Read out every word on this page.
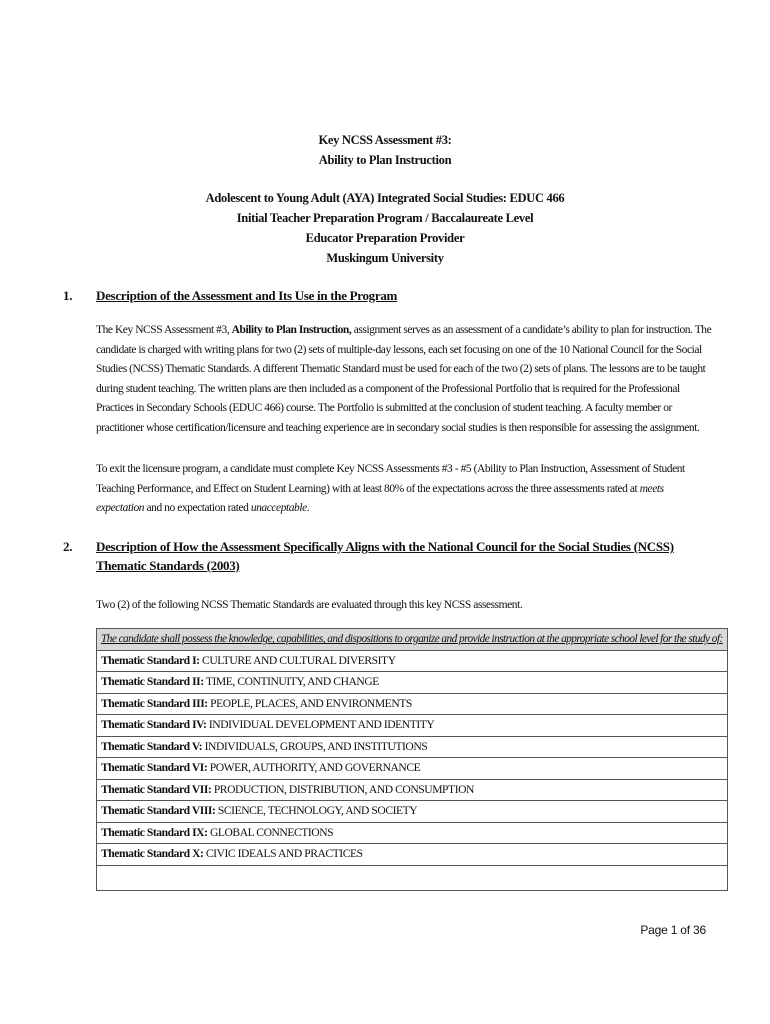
Key NCSS Assessment #3:
Ability to Plan Instruction
Adolescent to Young Adult (AYA) Integrated Social Studies: EDUC 466
Initial Teacher Preparation Program / Baccalaureate Level
Educator Preparation Provider
Muskingum University
1. Description of the Assessment and Its Use in the Program
The Key NCSS Assessment #3, Ability to Plan Instruction, assignment serves as an assessment of a candidate’s ability to plan for instruction. The candidate is charged with writing plans for two (2) sets of multiple-day lessons, each set focusing on one of the 10 National Council for the Social Studies (NCSS) Thematic Standards. A different Thematic Standard must be used for each of the two (2) sets of plans. The lessons are to be taught during student teaching. The written plans are then included as a component of the Professional Portfolio that is required for the Professional Practices in Secondary Schools (EDUC 466) course. The Portfolio is submitted at the conclusion of student teaching. A faculty member or practitioner whose certification/licensure and teaching experience are in secondary social studies is then responsible for assessing the assignment.
To exit the licensure program, a candidate must complete Key NCSS Assessments #3 - #5 (Ability to Plan Instruction, Assessment of Student Teaching Performance, and Effect on Student Learning) with at least 80% of the expectations across the three assessments rated at meets expectation and no expectation rated unacceptable.
2. Description of How the Assessment Specifically Aligns with the National Council for the Social Studies (NCSS) Thematic Standards (2003)
Two (2) of the following NCSS Thematic Standards are evaluated through this key NCSS assessment.
The candidate shall possess the knowledge, capabilities, and dispositions to organize and provide instruction at the appropriate school level for the study of:
Thematic Standard I: CULTURE AND CULTURAL DIVERSITY
Thematic Standard II: TIME, CONTINUITY, AND CHANGE
Thematic Standard III: PEOPLE, PLACES, AND ENVIRONMENTS
Thematic Standard IV: INDIVIDUAL DEVELOPMENT AND IDENTITY
Thematic Standard V: INDIVIDUALS, GROUPS, AND INSTITUTIONS
Thematic Standard VI: POWER, AUTHORITY, AND GOVERNANCE
Thematic Standard VII: PRODUCTION, DISTRIBUTION, AND CONSUMPTION
Thematic Standard VIII: SCIENCE, TECHNOLOGY, AND SOCIETY
Thematic Standard IX: GLOBAL CONNECTIONS
Thematic Standard X: CIVIC IDEALS AND PRACTICES

Page 1 of 36
